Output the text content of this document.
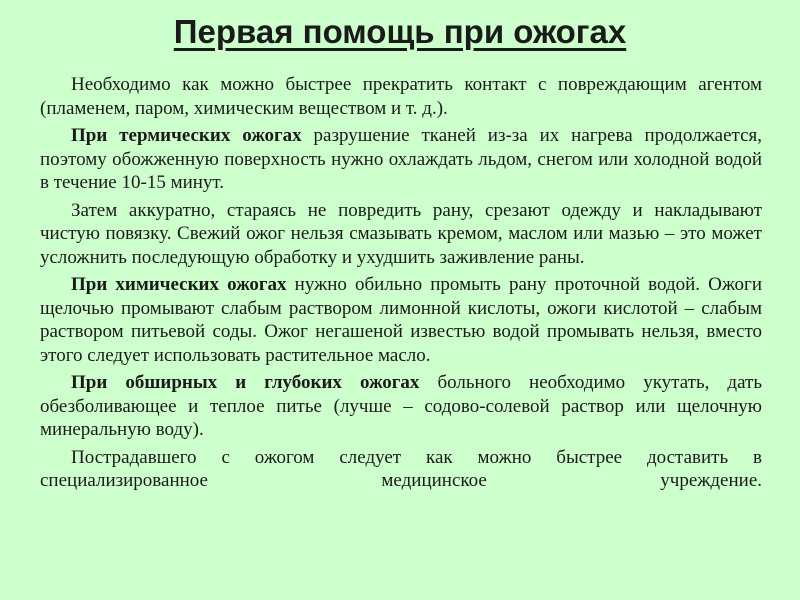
Первая помощь при ожогах

Необходимо как можно быстрее прекратить контакт с повреждающим агентом (пламенем, паром, химическим веществом и т. д.).

При термических ожогах разрушение тканей из-за их нагрева продолжается, поэтому обожженную поверхность нужно охлаждать льдом, снегом или холодной водой в течение 10-15 минут.

Затем аккуратно, стараясь не повредить рану, срезают одежду и накладывают чистую повязку. Свежий ожог нельзя смазывать кремом, маслом или мазью – это может усложнить последующую обработку и ухудшить заживление раны.

При химических ожогах нужно обильно промыть рану проточной водой. Ожоги щелочью промывают слабым раствором лимонной кислоты, ожоги кислотой – слабым раствором питьевой соды. Ожог негашеной известью водой промывать нельзя, вместо этого следует использовать растительное масло.

При обширных и глубоких ожогах больного необходимо укутать, дать обезболивающее и теплое питье (лучше – содово-солевой раствор или щелочную минеральную воду).

Пострадавшего с ожогом следует как можно быстрее доставить в специализированное медицинское учреждение.
